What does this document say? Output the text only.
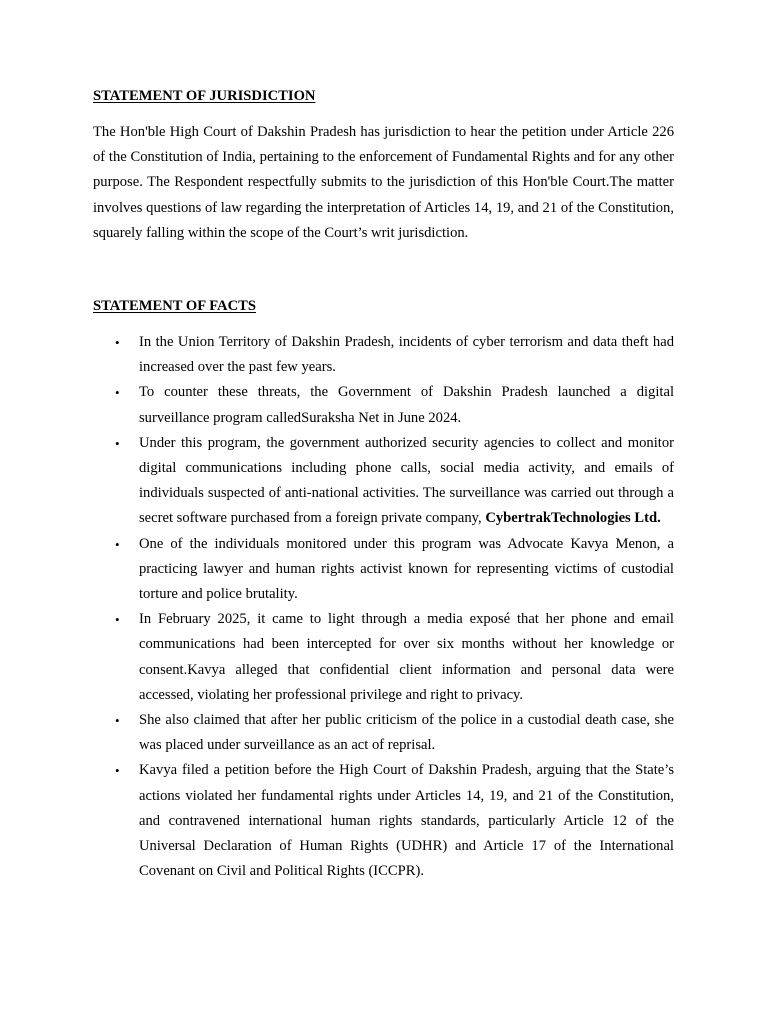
STATEMENT OF JURISDICTION

The Hon'ble High Court of Dakshin Pradesh has jurisdiction to hear the petition under Article 226 of the Constitution of India, pertaining to the enforcement of Fundamental Rights and for any other purpose. The Respondent respectfully submits to the jurisdiction of this Hon'ble Court.The matter involves questions of law regarding the interpretation of Articles 14, 19, and 21 of the Constitution, squarely falling within the scope of the Court’s writ jurisdiction.

STATEMENT OF FACTS
• In the Union Territory of Dakshin Pradesh, incidents of cyber terrorism and data theft had increased over the past few years.
• To counter these threats, the Government of Dakshin Pradesh launched a digital surveillance program calledSuraksha Net in June 2024.
• Under this program, the government authorized security agencies to collect and monitor digital communications including phone calls, social media activity, and emails of individuals suspected of anti-national activities. The surveillance was carried out through a secret software purchased from a foreign private company, CybertrakTechnologies Ltd.
• One of the individuals monitored under this program was Advocate Kavya Menon, a practicing lawyer and human rights activist known for representing victims of custodial torture and police brutality.
• In February 2025, it came to light through a media exposé that her phone and email communications had been intercepted for over six months without her knowledge or consent.Kavya alleged that confidential client information and personal data were accessed, violating her professional privilege and right to privacy.
• She also claimed that after her public criticism of the police in a custodial death case, she was placed under surveillance as an act of reprisal.
• Kavya filed a petition before the High Court of Dakshin Pradesh, arguing that the State’s actions violated her fundamental rights under Articles 14, 19, and 21 of the Constitution, and contravened international human rights standards, particularly Article 12 of the Universal Declaration of Human Rights (UDHR) and Article 17 of the International Covenant on Civil and Political Rights (ICCPR).
